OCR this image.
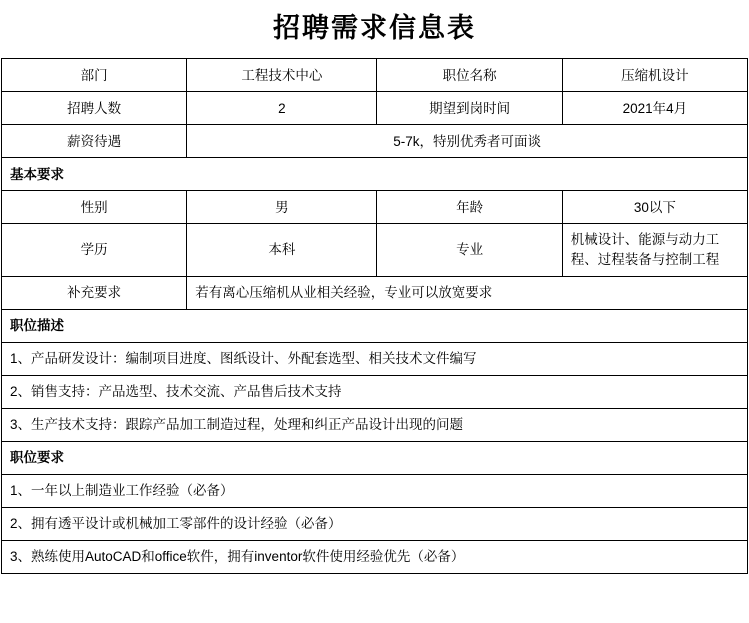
招聘需求信息表
部门	工程技术中心	职位名称	压缩机设计
招聘人数	2	期望到岗时间	2021年4月
薪资待遇	5-7k，特别优秀者可面谈		
基本要求			
性别	男	年龄	30以下
学历	本科	专业	机械设计、能源与动力工程、过程装备与控制工程
补充要求	若有离心压缩机从业相关经验，专业可以放宽要求		
职位描述			
1、产品研发设计：编制项目进度、图纸设计、外配套选型、相关技术文件编写			
2、销售支持：产品选型、技术交流、产品售后技术支持			
3、生产技术支持：跟踪产品加工制造过程，处理和纠正产品设计出现的问题			
职位要求			
1、一年以上制造业工作经验（必备）			
2、拥有透平设计或机械加工零部件的设计经验（必备）			
3、熟练使用AutoCAD和office软件，拥有inventor软件使用经验优先（必备）			
